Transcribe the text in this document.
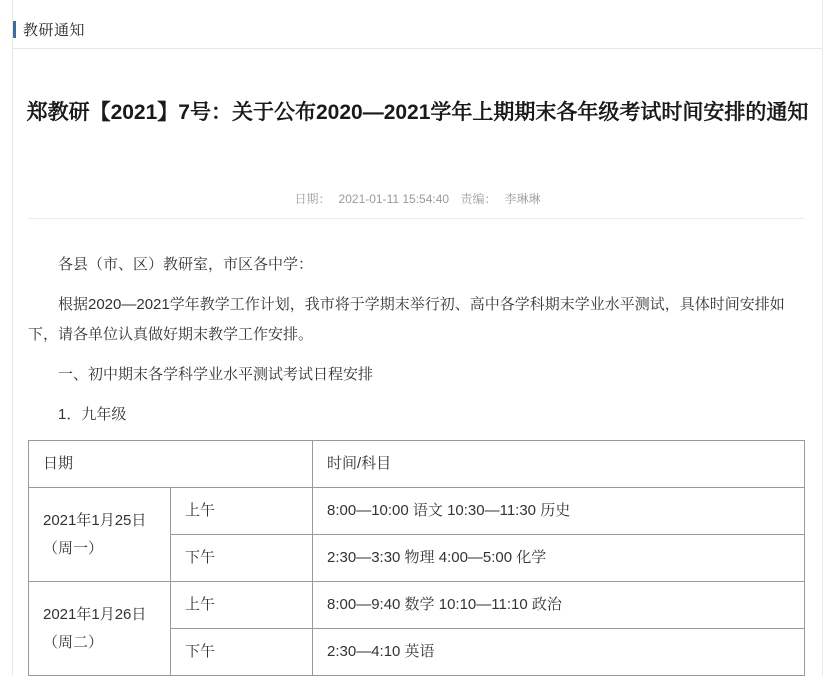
教研通知
郑教研【2021】7号：关于公布2020—2021学年上期期末各年级考试时间安排的通知
日期： 2021-01-11 15:54:40 责编： 李琳琳

各县（市、区）教研室，市区各中学：

根据2020—2021学年教学工作计划，我市将于学期末举行初、高中各学科期末学业水平测试，具体时间安排如下，请各单位认真做好期末教学工作安排。

一、初中期末各学科学业水平测试考试日程安排

1．九年级

日期		时间/科目

2021年1月25日
（周一）	上午	8:00—10:00 语文 10:30—11:30 历史
	下午	2:30—3:30 物理 4:00—5:00 化学

2021年1月26日
（周二）	上午	8:00—9:40 数学 10:10—11:10 政治
	下午	2:30—4:10 英语
